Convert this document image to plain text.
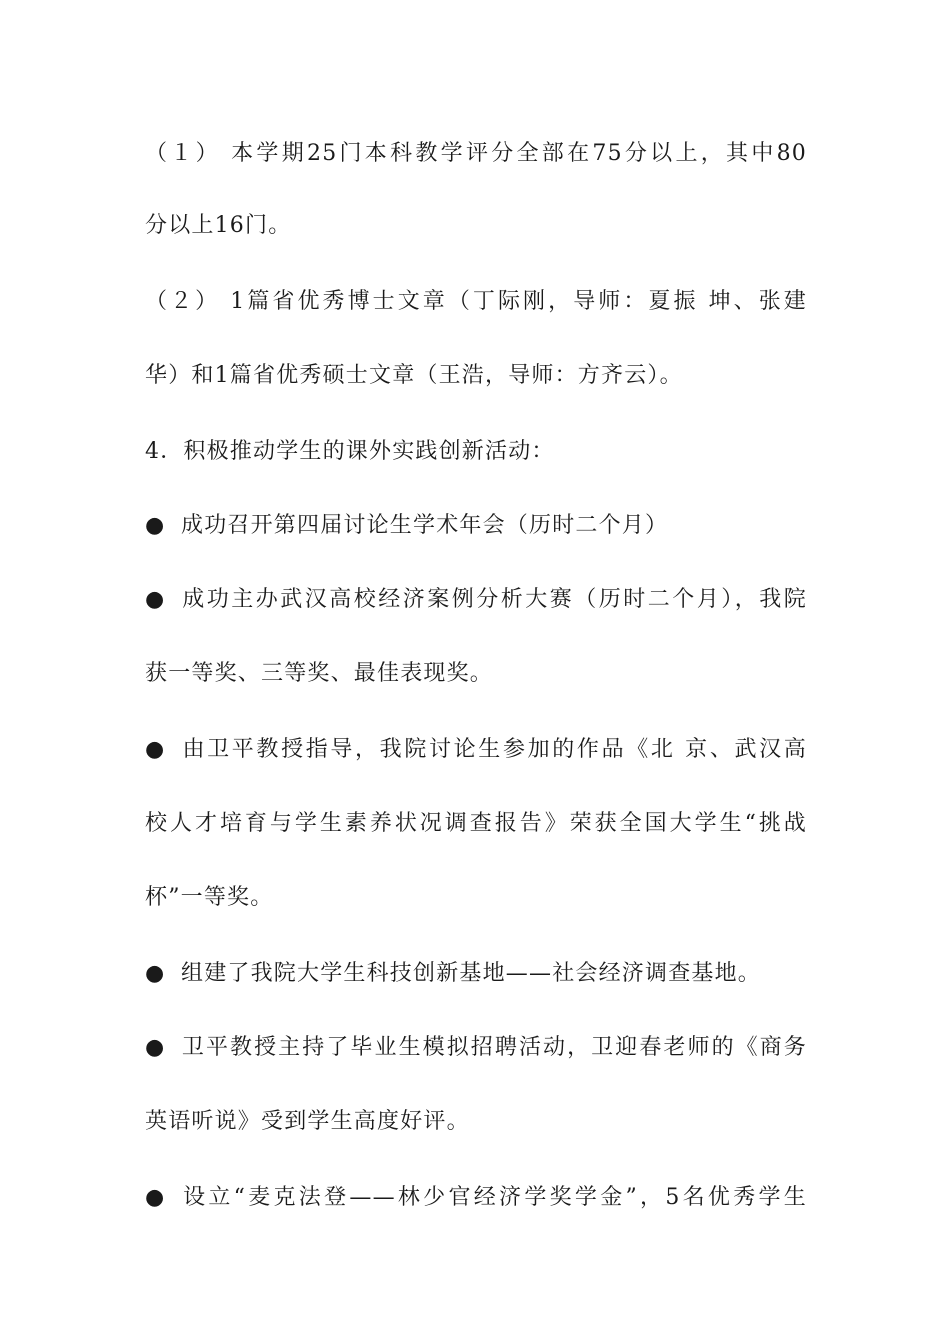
（１） 本学期25门本科教学评分全部在75分以上，其中80
分以上16门。
（２） 1篇省优秀博士文章（丁际刚，导师：夏振 坤、张建
华）和1篇省优秀硕士文章（王浩，导师：方齐云）。
4．积极推动学生的课外实践创新活动：
● 成功召开第四届讨论生学术年会（历时二个月）
● 成功主办武汉高校经济案例分析大赛（历时二个月），我院
获一等奖、三等奖、最佳表现奖。
● 由卫平教授指导，我院讨论生参加的作品《北 京、武汉高
校人才培育与学生素养状况调查报告》荣获全国大学生“挑战
杯”一等奖。
● 组建了我院大学生科技创新基地——社会经济调查基地。
● 卫平教授主持了毕业生模拟招聘活动，卫迎春老师的《商务
英语听说》受到学生高度好评。
● 设立“麦克法登——林少官经济学奖学金”，5名优秀学生
